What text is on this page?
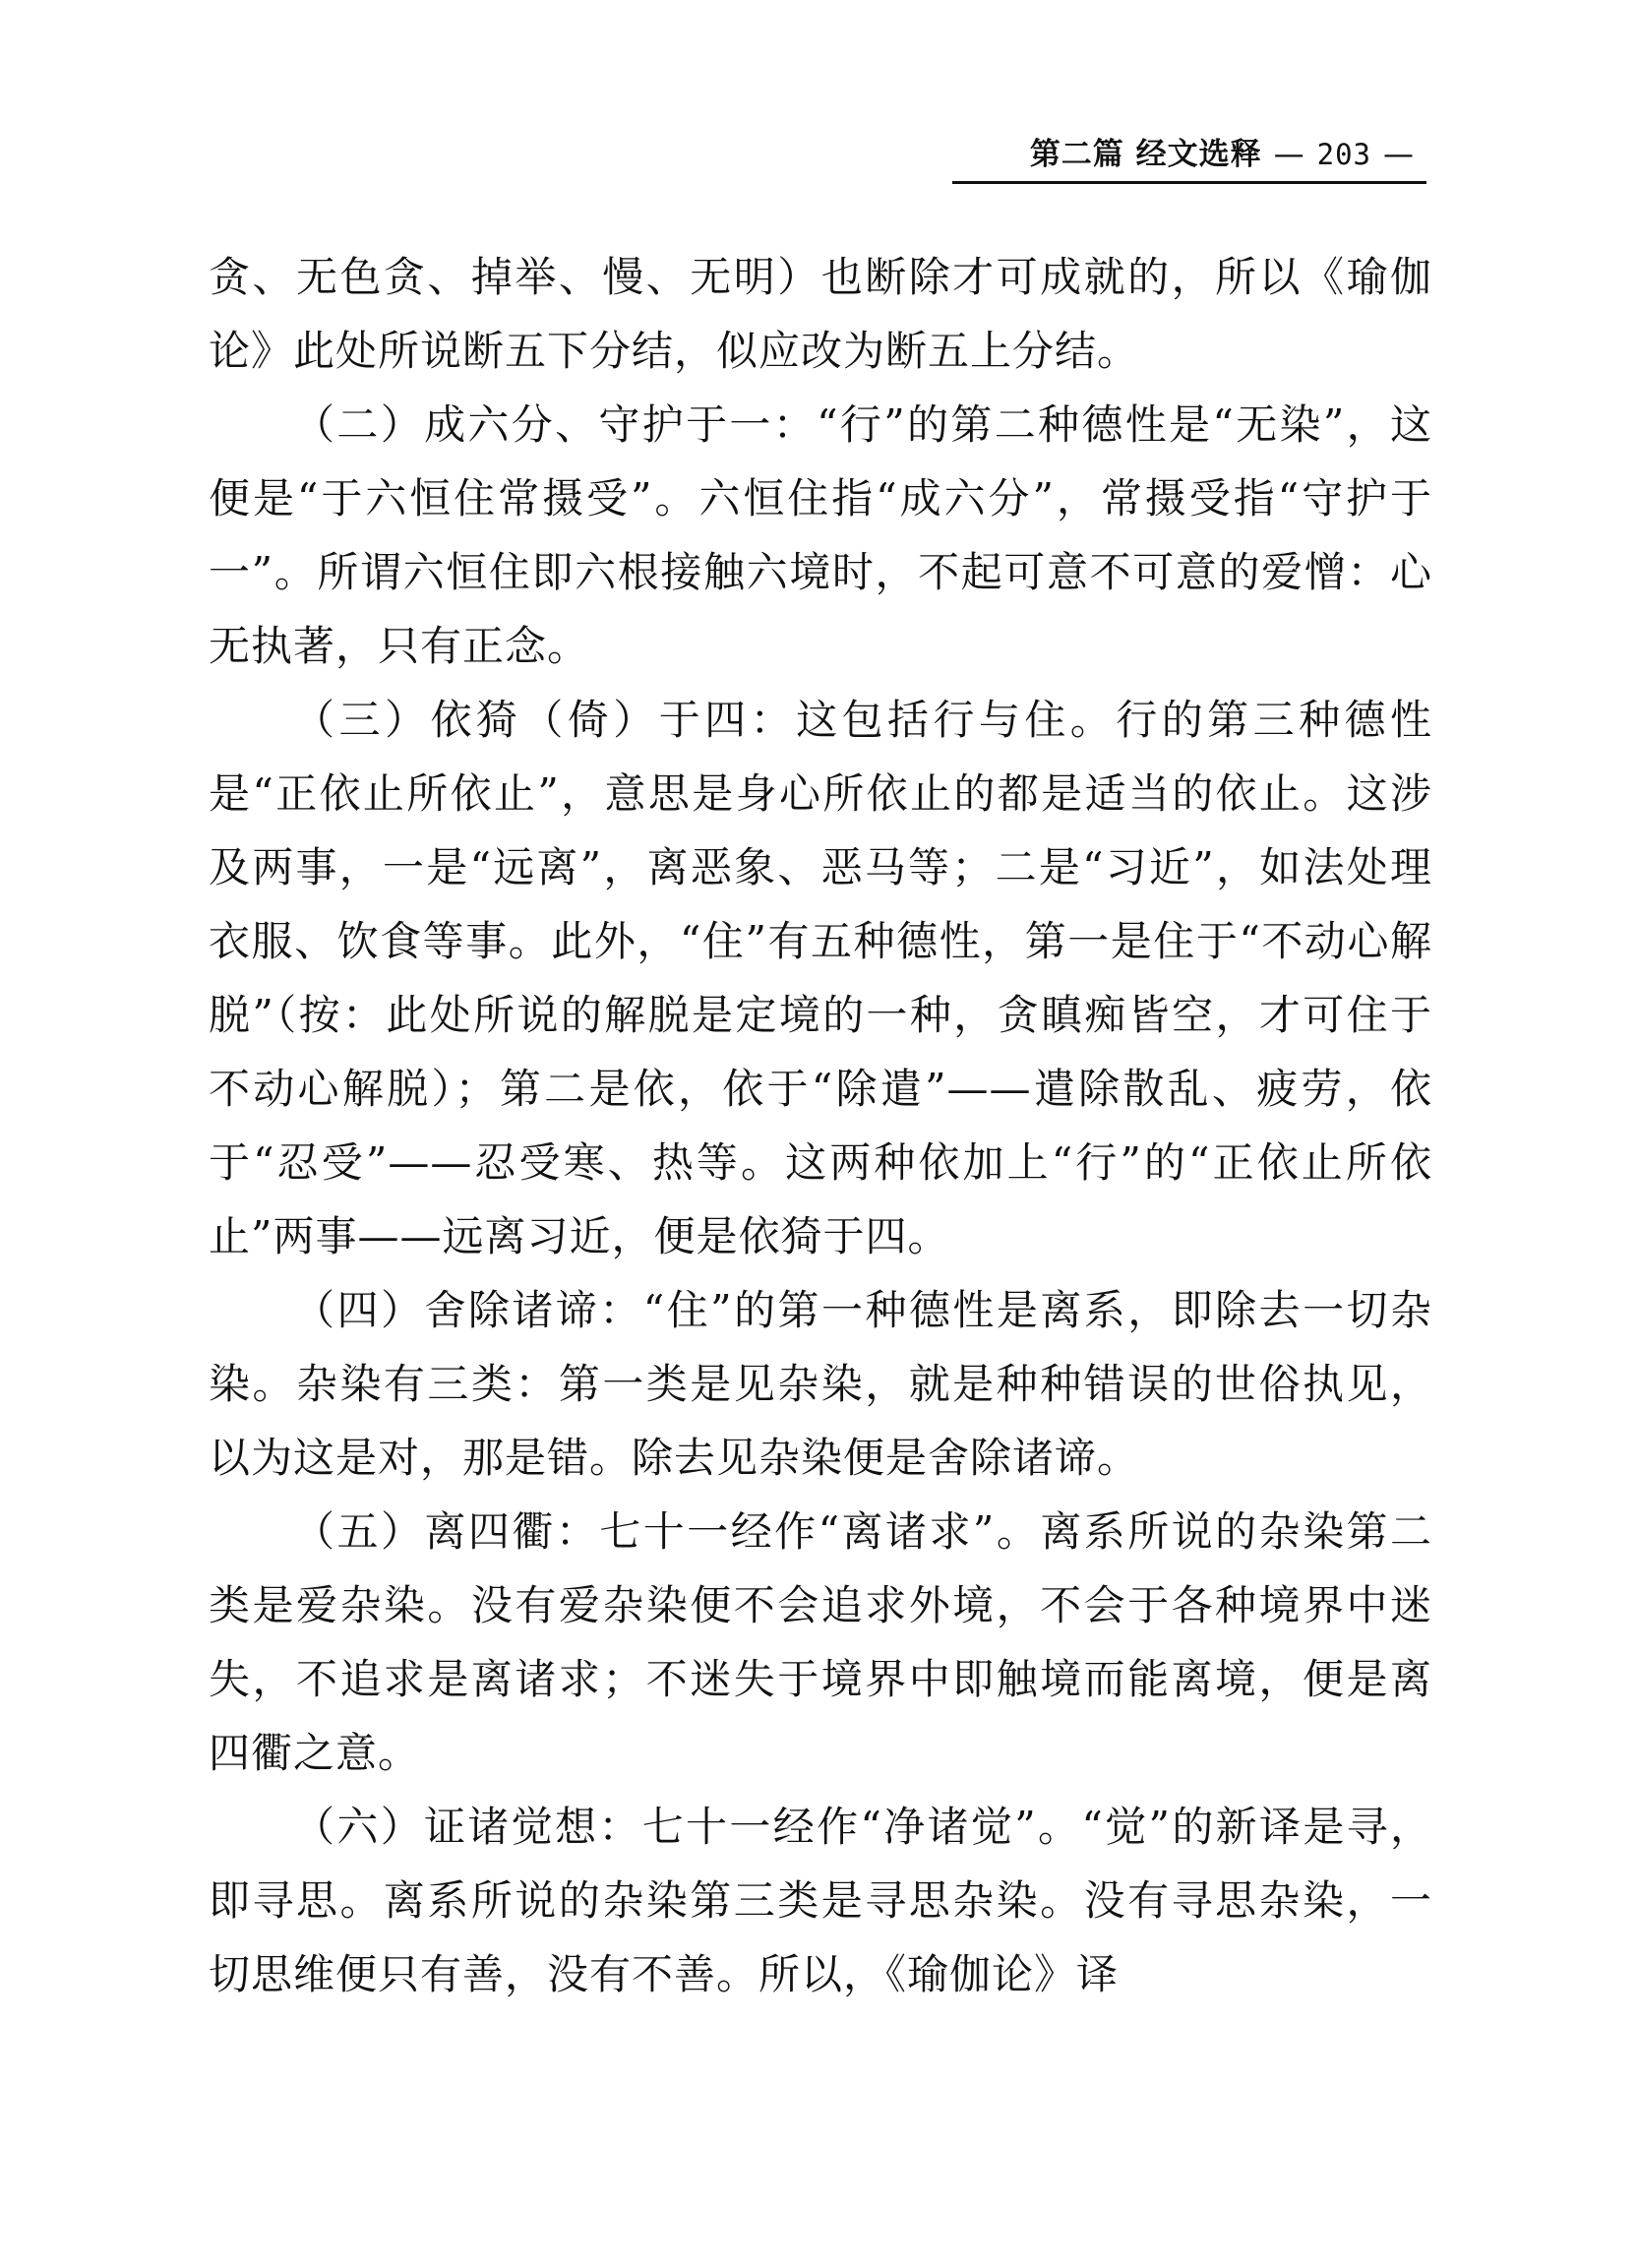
第二篇 经文选释 — 203 —

贪、无色贪、掉举、慢、无明）也断除才可成就的，所以《瑜伽论》此处所说断五下分结，似应改为断五上分结。

（二）成六分、守护于一：“行”的第二种德性是“无染”，这便是“于六恒住常摄受”。六恒住指“成六分”，常摄受指“守护于一”。所谓六恒住即六根接触六境时，不起可意不可意的爱憎：心无执著，只有正念。

（三）依猗（倚）于四：这包括行与住。行的第三种德性是“正依止所依止”，意思是身心所依止的都是适当的依止。这涉及两事，一是“远离”，离恶象、恶马等；二是“习近”，如法处理衣服、饮食等事。此外，“住”有五种德性，第一是住于“不动心解脱”（按：此处所说的解脱是定境的一种，贪瞋痴皆空，才可住于不动心解脱）；第二是依，依于“除遣”——遣除散乱、疲劳，依于“忍受”——忍受寒、热等。这两种依加上“行”的“正依止所依止”两事——远离习近，便是依猗于四。

（四）舍除诸谛：“住”的第一种德性是离系，即除去一切杂染。杂染有三类：第一类是见杂染，就是种种错误的世俗执见，以为这是对，那是错。除去见杂染便是舍除诸谛。

（五）离四衢：七十一经作“离诸求”。离系所说的杂染第二类是爱杂染。没有爱杂染便不会追求外境，不会于各种境界中迷失，不追求是离诸求；不迷失于境界中即触境而能离境，便是离四衢之意。

（六）证诸觉想：七十一经作“净诸觉”。“觉”的新译是寻，即寻思。离系所说的杂染第三类是寻思杂染。没有寻思杂染，一切思维便只有善，没有不善。所以，《瑜伽论》译
